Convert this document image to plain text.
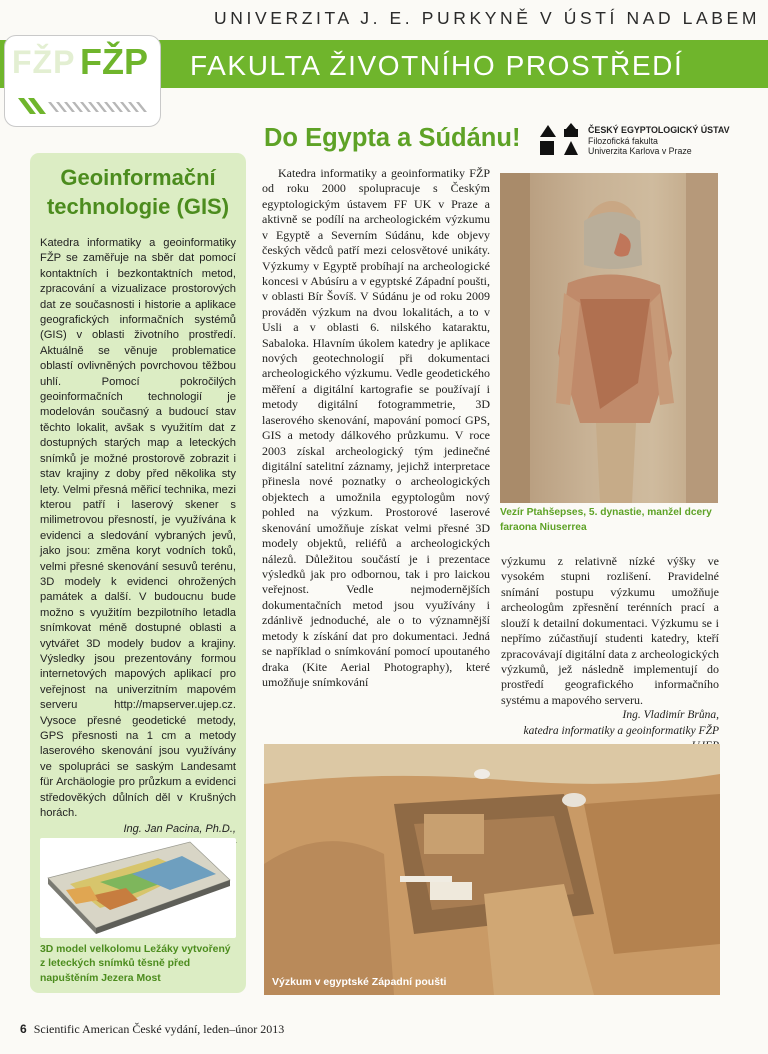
UNIVERZITA J. E. PURKYNĚ V ÚSTÍ NAD LABEM
FAKULTA ŽIVOTNÍHO PROSTŘEDÍ
FŽP FŽP
Geoinformační technologie (GIS)

Katedra informatiky a geoinformatiky FŽP se zaměřuje na sběr dat pomocí kontaktních i bezkontaktních metod, zpracování a vizualizace prostorových dat ze současnosti i historie a aplikace geografických informačních systémů (GIS) v oblasti životního prostředí. Aktuálně se věnuje problematice oblastí ovlivněných povrchovou těžbou uhlí. Pomocí pokročilých geoinformačních technologií je modelován současný a budoucí stav těchto lokalit, avšak s využitím dat z dostupných starých map a leteckých snímků je možné prostorově zobrazit i stav krajiny z doby před několika sty lety. Velmi přesná měřicí technika, mezi kterou patří i laserový skener s milimetrovou přesností, je využívána k evidenci a sledování vybraných jevů, jako jsou: změna koryt vodních toků, velmi přesné skenování sesuvů terénu, 3D modely k evidenci ohrožených památek a další. V budoucnu bude možno s využitím bezpilotního letadla snímkovat méně dostupné oblasti a vytvářet 3D modely budov a krajiny. Výsledky jsou prezentovány formou internetových mapových aplikací pro veřejnost na univerzitním mapovém serveru http://mapserver.ujep.cz. Vysoce přesné geodetické metody, GPS přesnosti na 1 cm a metody laserového skenování jsou využívány ve spolupráci se saským Landesamt für Archäologie pro průzkum a evidenci středověkých důlních děl v Krušných horách.

Ing. Jan Pacina, Ph.D.,

3D model velkolomu Ležáky vytvořený z leteckých snímků těsně před napuštěním Jezera Most

Do Egypta a Súdánu!	ČESKÝ EGYPTOLOGICKÝ ÚSTAV
Filozofická fakulta
Univerzita Karlova v Praze

Katedra informatiky a geoinformatiky FŽP od roku 2000 spolupracuje s Českým egyptologickým ústavem FF UK v Praze a aktivně se podílí na archeologickém výzkumu v Egyptě a Severním Súdánu, kde objevy českých vědců patří mezi celosvětové unikáty. Výzkumy v Egyptě probíhají na archeologické koncesi v Abúsíru a v egyptské Západní poušti, v oblasti Bír Šovíš. V Súdánu je od roku 2009 prováděn výzkum na dvou lokalitách, a to v Usli a v oblasti 6. nilského kataraktu, Sabaloka. Hlavním úkolem katedry je aplikace nových geotechnologií při dokumentaci archeologického výzkumu. Vedle geodetického měření a digitální kartografie se používají i metody digitální fotogrammetrie, 3D laserového skenování, mapování pomocí GPS, GIS a metody dálkového průzkumu. V roce 2003 získal archeologický tým jedinečné digitální satelitní záznamy, jejichž interpretace přinesla nové poznatky o archeologických objektech a umožnila egyptologům nový pohled na výzkum. Prostorové laserové skenování umožňuje získat velmi přesné 3D modely objektů, reliéfů a archeologických nálezů. Důležitou součástí je i prezentace výsledků jak pro odbornou, tak i pro laickou veřejnost. Vedle nejmodernějších dokumentačních metod jsou využívány i zdánlivě jednoduché, ale o to významnější metody k získání dat pro dokumentaci. Jedná se například o snímkování pomocí upoutaného draka (Kite Aerial Photography), které umožňuje snímkování

Vezír Ptahšepses, 5. dynastie, manžel dcery faraona Niuserrea

výzkumu z relativně nízké výšky ve vysokém stupni rozlišení. Pravidelné snímání postupu výzkumu umožňuje archeologům zpřesnění terénních prací a slouží k detailní dokumentaci. Výzkumu se i nepřímo zúčastňují studenti katedry, kteří zpracovávají digitální data z archeologických výzkumů, jež následně implementují do prostředí geografického informačního systému a mapového serveru.

Ing. Vladimír Brůna,
katedra informatiky a geoinformatiky FŽP
Výzkum v egyptské Západní poušti
6 Scientific American České vydání, leden–únor 2013
